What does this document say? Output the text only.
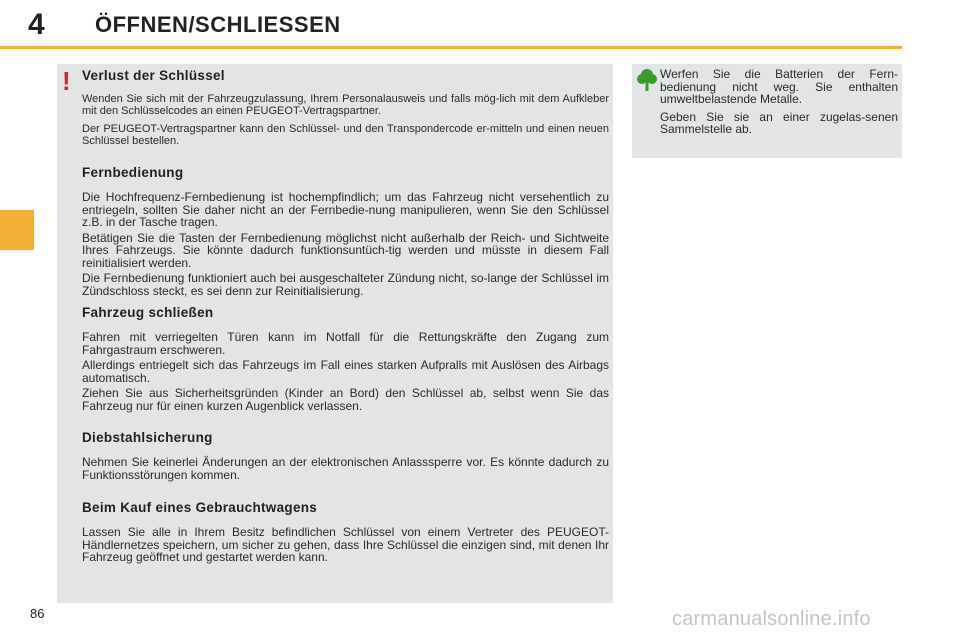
4 ÖFFNEN/SCHLIESSEN
! Verlust der Schlüssel

Wenden Sie sich mit der Fahrzeugzulassung, Ihrem Personalausweis und falls mög-lich mit dem Aufkleber mit den Schlüsselcodes an einen PEUGEOT-Vertragspartner.

Der PEUGEOT-Vertragspartner kann den Schlüssel- und den Transpondercode er-mitteln und einen neuen Schlüssel bestellen.

Fernbedienung

Die Hochfrequenz-Fernbedienung ist hochempfindlich; um das Fahrzeug nicht versehentlich zu entriegeln, sollten Sie daher nicht an der Fernbedie-nung manipulieren, wenn Sie den Schlüssel z.B. in der Tasche tragen.

Betätigen Sie die Tasten der Fernbedienung möglichst nicht außerhalb der Reich- und Sichtweite Ihres Fahrzeugs. Sie könnte dadurch funktionsuntüch-tig werden und müsste in diesem Fall reinitialisiert werden.

Die Fernbedienung funktioniert auch bei ausgeschalteter Zündung nicht, so-lange der Schlüssel im Zündschloss steckt, es sei denn zur Reinitialisierung.

Fahrzeug schließen

Fahren mit verriegelten Türen kann im Notfall für die Rettungskräfte den Zugang zum Fahrgastraum erschweren.

Allerdings entriegelt sich das Fahrzeugs im Fall eines starken Aufpralls mit Auslösen des Airbags automatisch.

Ziehen Sie aus Sicherheitsgründen (Kinder an Bord) den Schlüssel ab, selbst wenn Sie das Fahrzeug nur für einen kurzen Augenblick verlassen.

Diebstahlsicherung

Nehmen Sie keinerlei Änderungen an der elektronischen Anlasssperre vor. Es könnte dadurch zu Funktionsstörungen kommen.

Beim Kauf eines Gebrauchtwagens

Lassen Sie alle in Ihrem Besitz befindlichen Schlüssel von einem Vertreter des PEUGEOT-Händlernetzes speichern, um sicher zu gehen, dass Ihre Schlüssel die einzigen sind, mit denen Ihr Fahrzeug geöffnet und gestartet werden kann.

Werfen Sie die Batterien der Fern-bedienung nicht weg. Sie enthalten umweltbelastende Metalle.

Geben Sie sie an einer zugelas-senen Sammelstelle ab.

86	carmanualsonline.info
